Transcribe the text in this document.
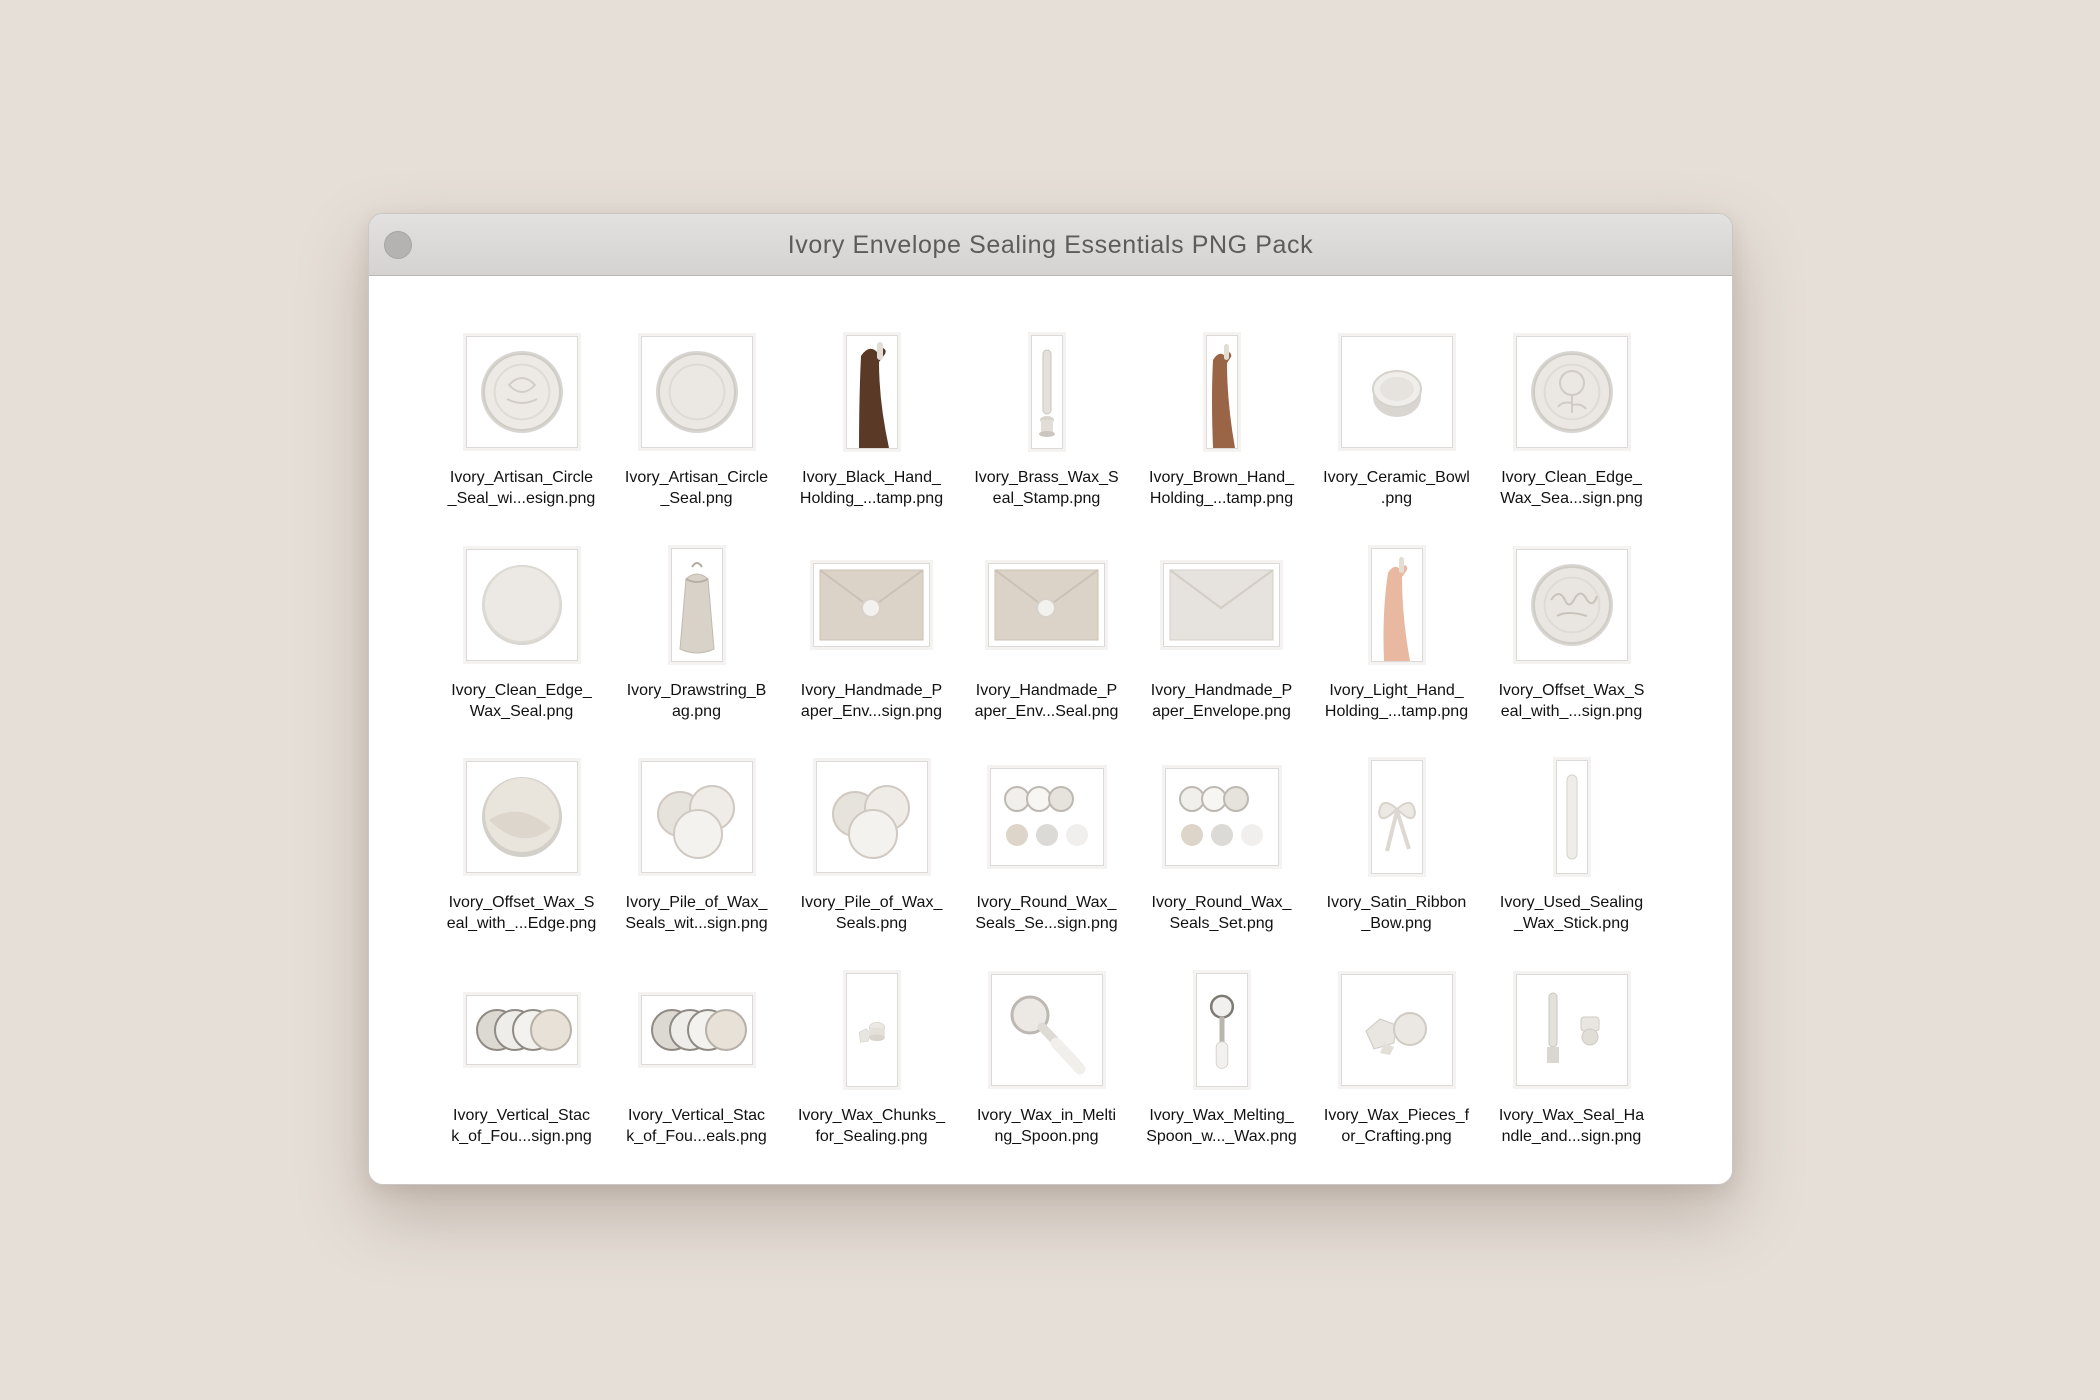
Ivory Envelope Sealing Essentials PNG Pack
Ivory_Artisan_Circle
_Seal_wi...esign.png
Ivory_Artisan_Circle
_Seal.png
Ivory_Black_Hand_
Holding_...tamp.png
Ivory_Brass_Wax_S
eal_Stamp.png
Ivory_Brown_Hand_
Holding_...tamp.png
Ivory_Ceramic_Bowl
.png
Ivory_Clean_Edge_
Wax_Sea...sign.png
Ivory_Clean_Edge_
Wax_Seal.png
Ivory_Drawstring_B
ag.png
Ivory_Handmade_P
aper_Env...sign.png
Ivory_Handmade_P
aper_Env...Seal.png
Ivory_Handmade_P
aper_Envelope.png
Ivory_Light_Hand_
Holding_...tamp.png
Ivory_Offset_Wax_S
eal_with_...sign.png
Ivory_Offset_Wax_S
eal_with_...Edge.png
Ivory_Pile_of_Wax_
Seals_wit...sign.png
Ivory_Pile_of_Wax_
Seals.png
Ivory_Round_Wax_
Seals_Se...sign.png
Ivory_Round_Wax_
Seals_Set.png
Ivory_Satin_Ribbon
_Bow.png
Ivory_Used_Sealing
_Wax_Stick.png
Ivory_Vertical_Stac
k_of_Fou...sign.png
Ivory_Vertical_Stac
k_of_Fou...eals.png
Ivory_Wax_Chunks_
for_Sealing.png
Ivory_Wax_in_Melti
ng_Spoon.png
Ivory_Wax_Melting_
Spoon_w..._Wax.png
Ivory_Wax_Pieces_f
or_Crafting.png
Ivory_Wax_Seal_Ha
ndle_and...sign.png
